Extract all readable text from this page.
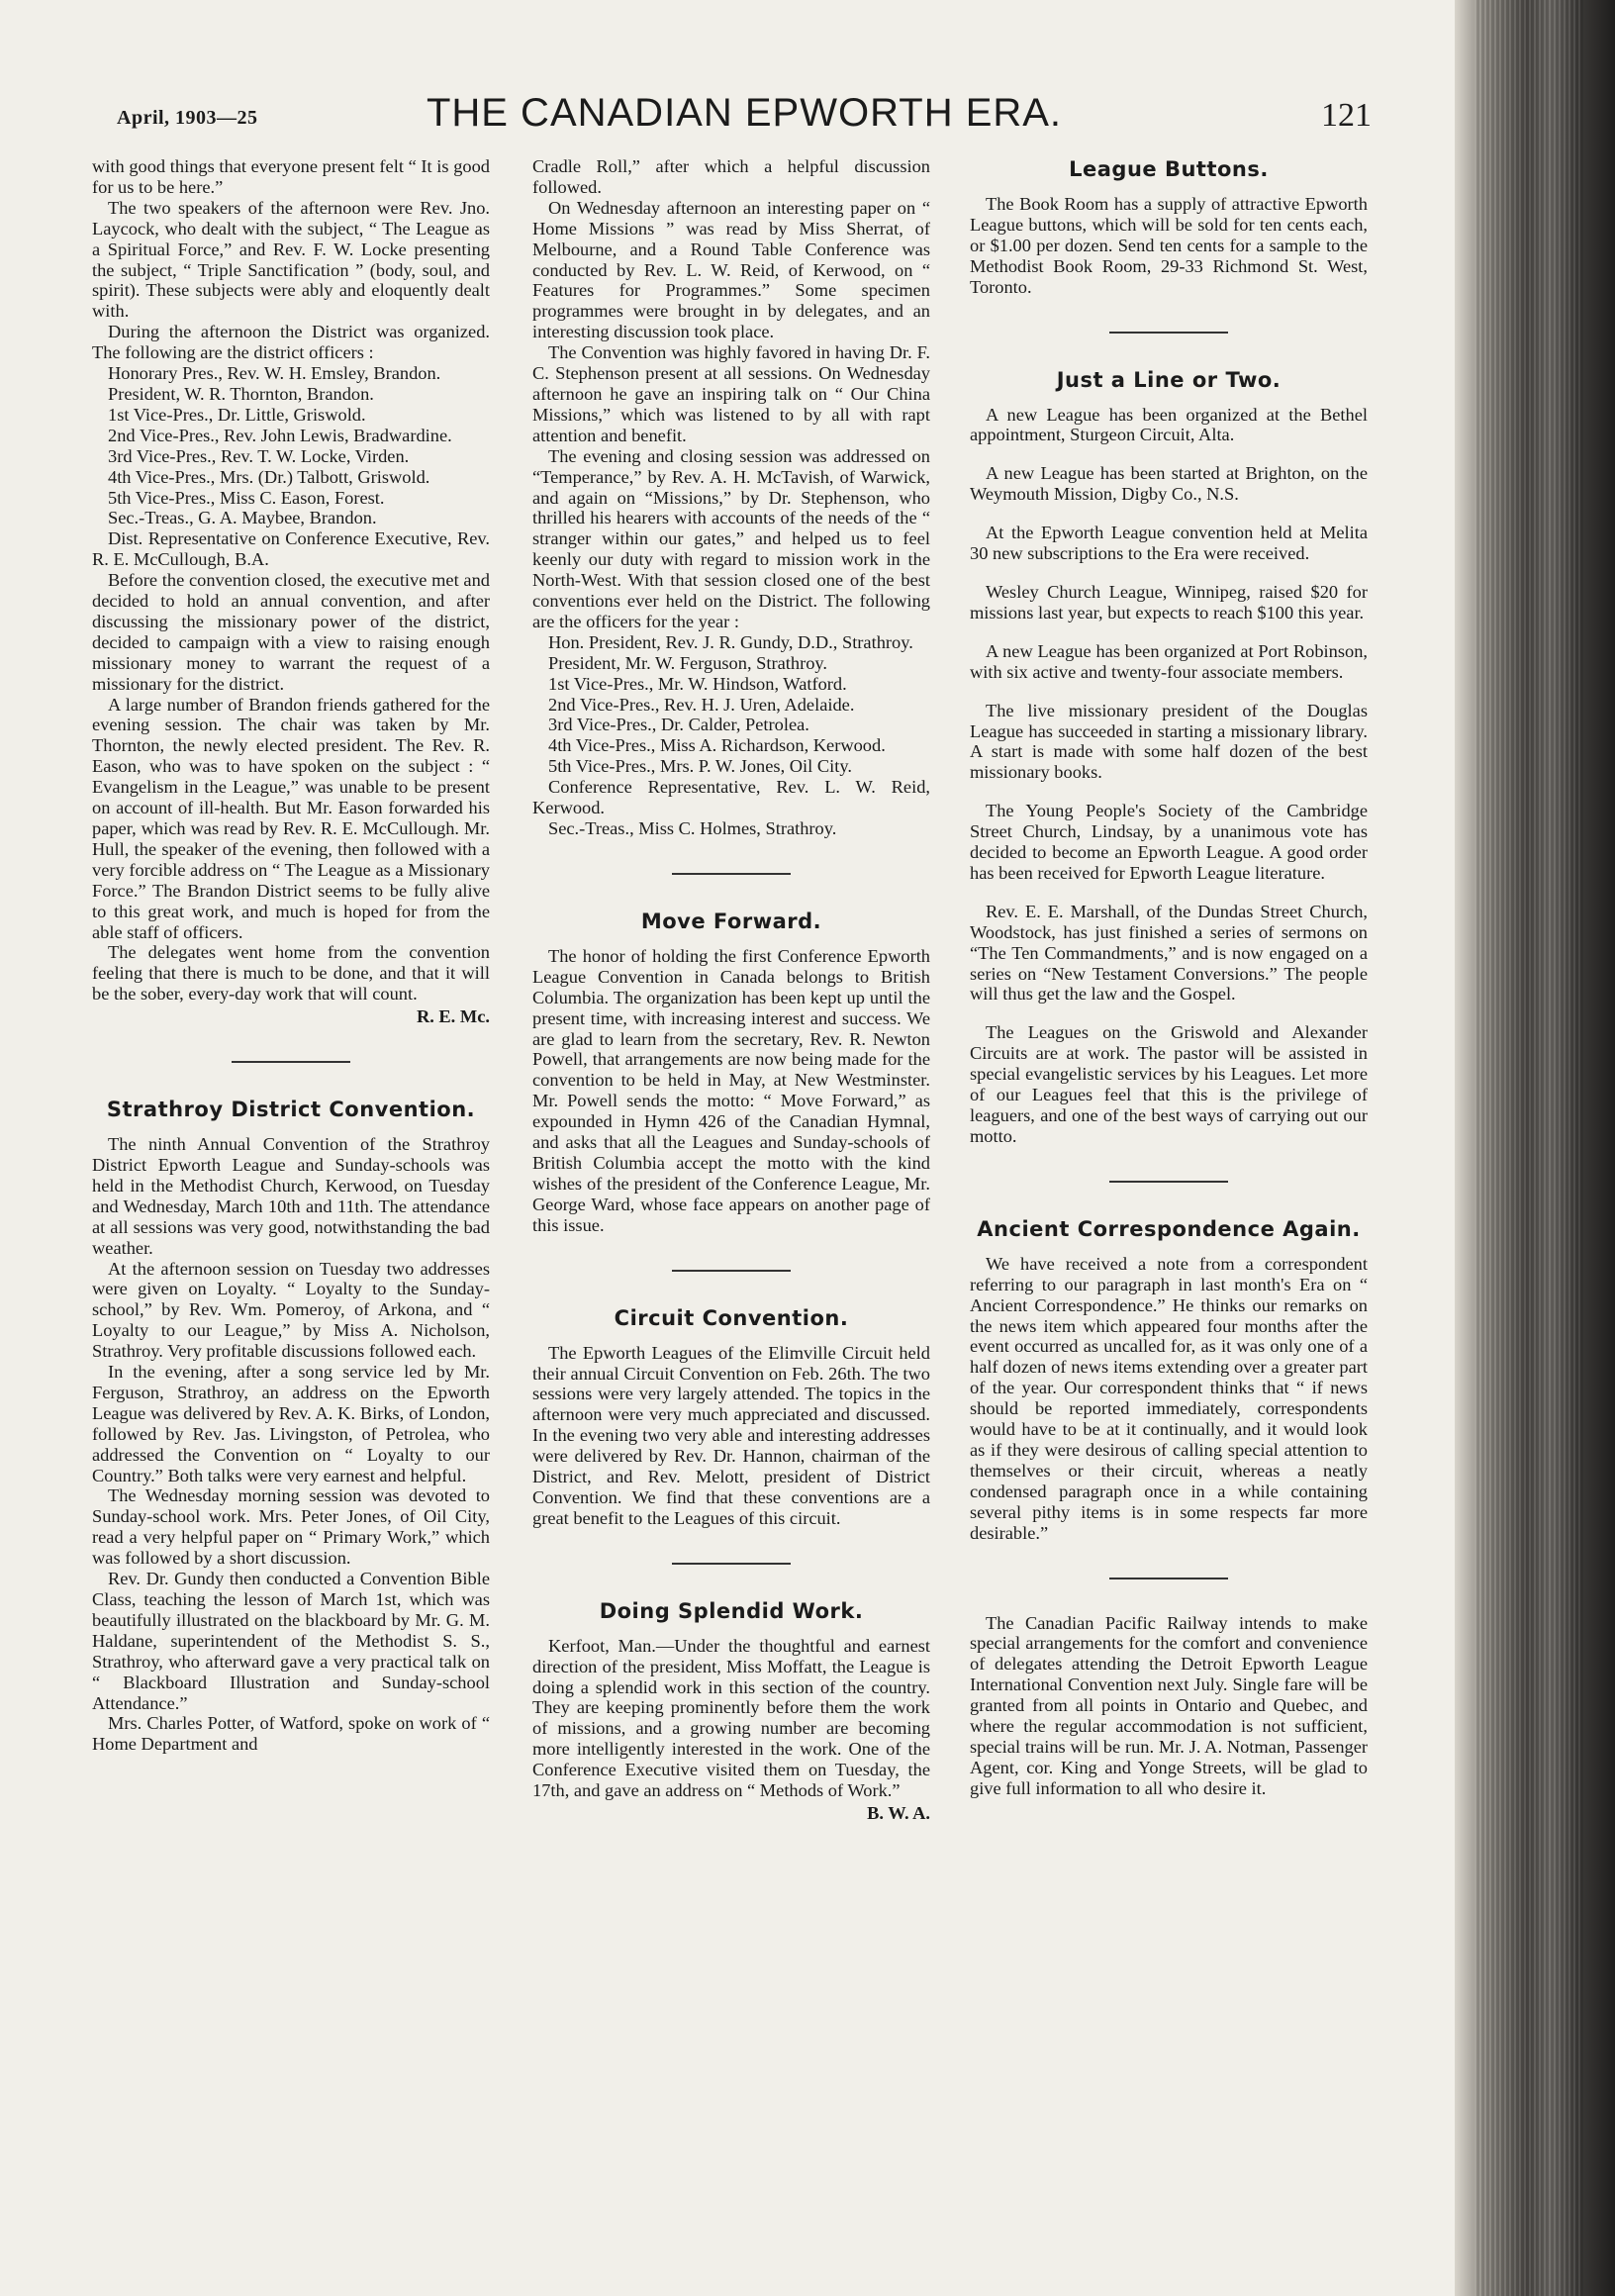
April, 1903—25	THE CANADIAN EPWORTH ERA.	121

with good things that everyone present felt “ It is good for us to be here.”

The two speakers of the afternoon were Rev. Jno. Laycock, who dealt with the subject, “ The League as a Spiritual Force,” and Rev. F. W. Locke presenting the subject, “ Triple Sanctification ” (body, soul, and spirit). These subjects were ably and eloquently dealt with.

During the afternoon the District was organized. The following are the district officers :

Honorary Pres., Rev. W. H. Emsley, Brandon.

President, W. R. Thornton, Brandon.

1st Vice-Pres., Dr. Little, Griswold.

2nd Vice-Pres., Rev. John Lewis, Bradwardine.

3rd Vice-Pres., Rev. T. W. Locke, Virden.

4th Vice-Pres., Mrs. (Dr.) Talbott, Griswold.

5th Vice-Pres., Miss C. Eason, Forest.

Sec.-Treas., G. A. Maybee, Brandon.

Dist. Representative on Conference Executive, Rev. R. E. McCullough, B.A.

Before the convention closed, the executive met and decided to hold an annual convention, and after discussing the missionary power of the district, decided to campaign with a view to raising enough missionary money to warrant the request of a missionary for the district.

A large number of Brandon friends gathered for the evening session. The chair was taken by Mr. Thornton, the newly elected president. The Rev. R. Eason, who was to have spoken on the subject : “ Evangelism in the League,” was unable to be present on account of ill-health. But Mr. Eason forwarded his paper, which was read by Rev. R. E. McCullough. Mr. Hull, the speaker of the evening, then followed with a very forcible address on “ The League as a Missionary Force.” The Brandon District seems to be fully alive to this great work, and much is hoped for from the able staff of officers.

The delegates went home from the convention feeling that there is much to be done, and that it will be the sober, every-day work that will count.

R. E. Mc.

Strathroy District Convention.

The ninth Annual Convention of the Strathroy District Epworth League and Sunday-schools was held in the Methodist Church, Kerwood, on Tuesday and Wednesday, March 10th and 11th. The attendance at all sessions was very good, notwithstanding the bad weather.

At the afternoon session on Tuesday two addresses were given on Loyalty. “ Loyalty to the Sunday-school,” by Rev. Wm. Pomeroy, of Arkona, and “ Loyalty to our League,” by Miss A. Nicholson, Strathroy. Very profitable discussions followed each.

In the evening, after a song service led by Mr. Ferguson, Strathroy, an address on the Epworth League was delivered by Rev. A. K. Birks, of London, followed by Rev. Jas. Livingston, of Petrolea, who addressed the Convention on “ Loyalty to our Country.” Both talks were very earnest and helpful.

The Wednesday morning session was devoted to Sunday-school work. Mrs. Peter Jones, of Oil City, read a very helpful paper on “ Primary Work,” which was followed by a short discussion.

Rev. Dr. Gundy then conducted a Convention Bible Class, teaching the lesson of March 1st, which was beautifully illustrated on the blackboard by Mr. G. M. Haldane, superintendent of the Methodist S. S., Strathroy, who afterward gave a very practical talk on “ Blackboard Illustration and Sunday-school Attendance.”

Mrs. Charles Potter, of Watford, spoke on work of “ Home Department and

Cradle Roll,” after which a helpful discussion followed.

On Wednesday afternoon an interesting paper on “ Home Missions ” was read by Miss Sherrat, of Melbourne, and a Round Table Conference was conducted by Rev. L. W. Reid, of Kerwood, on “ Features for Programmes.” Some specimen programmes were brought in by delegates, and an interesting discussion took place.

The Convention was highly favored in having Dr. F. C. Stephenson present at all sessions. On Wednesday afternoon he gave an inspiring talk on “ Our China Missions,” which was listened to by all with rapt attention and benefit.

The evening and closing session was addressed on “Temperance,” by Rev. A. H. McTavish, of Warwick, and again on “Missions,” by Dr. Stephenson, who thrilled his hearers with accounts of the needs of the “ stranger within our gates,” and helped us to feel keenly our duty with regard to mission work in the North-West. With that session closed one of the best conventions ever held on the District. The following are the officers for the year :

Hon. President, Rev. J. R. Gundy, D.D., Strathroy.

President, Mr. W. Ferguson, Strathroy.

1st Vice-Pres., Mr. W. Hindson, Watford.

2nd Vice-Pres., Rev. H. J. Uren, Adelaide.

3rd Vice-Pres., Dr. Calder, Petrolea.

4th Vice-Pres., Miss A. Richardson, Kerwood.

5th Vice-Pres., Mrs. P. W. Jones, Oil City.

Conference Representative, Rev. L. W. Reid, Kerwood.

Sec.-Treas., Miss C. Holmes, Strathroy.

Move Forward.

The honor of holding the first Conference Epworth League Convention in Canada belongs to British Columbia. The organization has been kept up until the present time, with increasing interest and success. We are glad to learn from the secretary, Rev. R. Newton Powell, that arrangements are now being made for the convention to be held in May, at New Westminster. Mr. Powell sends the motto: “ Move Forward,” as expounded in Hymn 426 of the Canadian Hymnal, and asks that all the Leagues and Sunday-schools of British Columbia accept the motto with the kind wishes of the president of the Conference League, Mr. George Ward, whose face appears on another page of this issue.

Circuit Convention.

The Epworth Leagues of the Elimville Circuit held their annual Circuit Convention on Feb. 26th. The two sessions were very largely attended. The topics in the afternoon were very much appreciated and discussed. In the evening two very able and interesting addresses were delivered by Rev. Dr. Hannon, chairman of the District, and Rev. Melott, president of District Convention. We find that these conventions are a great benefit to the Leagues of this circuit.

Doing Splendid Work.

Kerfoot, Man.—Under the thoughtful and earnest direction of the president, Miss Moffatt, the League is doing a splendid work in this section of the country. They are keeping prominently before them the work of missions, and a growing number are becoming more intelligently interested in the work. One of the Conference Executive visited them on Tuesday, the 17th, and gave an address on “ Methods of Work.”

B. W. A.

League Buttons.

The Book Room has a supply of attractive Epworth League buttons, which will be sold for ten cents each, or $1.00 per dozen. Send ten cents for a sample to the Methodist Book Room, 29-33 Richmond St. West, Toronto.

Just a Line or Two.

A new League has been organized at the Bethel appointment, Sturgeon Circuit, Alta.

A new League has been started at Brighton, on the Weymouth Mission, Digby Co., N.S.

At the Epworth League convention held at Melita 30 new subscriptions to the Era were received.

Wesley Church League, Winnipeg, raised $20 for missions last year, but expects to reach $100 this year.

A new League has been organized at Port Robinson, with six active and twenty-four associate members.

The live missionary president of the Douglas League has succeeded in starting a missionary library. A start is made with some half dozen of the best missionary books.

The Young People's Society of the Cambridge Street Church, Lindsay, by a unanimous vote has decided to become an Epworth League. A good order has been received for Epworth League literature.

Rev. E. E. Marshall, of the Dundas Street Church, Woodstock, has just finished a series of sermons on “The Ten Commandments,” and is now engaged on a series on “New Testament Conversions.” The people will thus get the law and the Gospel.

The Leagues on the Griswold and Alexander Circuits are at work. The pastor will be assisted in special evangelistic services by his Leagues. Let more of our Leagues feel that this is the privilege of leaguers, and one of the best ways of carrying out our motto.

Ancient Correspondence Again.

We have received a note from a correspondent referring to our paragraph in last month's Era on “ Ancient Correspondence.” He thinks our remarks on the news item which appeared four months after the event occurred as uncalled for, as it was only one of a half dozen of news items extending over a greater part of the year. Our correspondent thinks that “ if news should be reported immediately, correspondents would have to be at it continually, and it would look as if they were desirous of calling special attention to themselves or their circuit, whereas a neatly condensed paragraph once in a while containing several pithy items is in some respects far more desirable.”

The Canadian Pacific Railway intends to make special arrangements for the comfort and convenience of delegates attending the Detroit Epworth League International Convention next July. Single fare will be granted from all points in Ontario and Quebec, and where the regular accommodation is not sufficient, special trains will be run. Mr. J. A. Notman, Passenger Agent, cor. King and Yonge Streets, will be glad to give full information to all who desire it.
